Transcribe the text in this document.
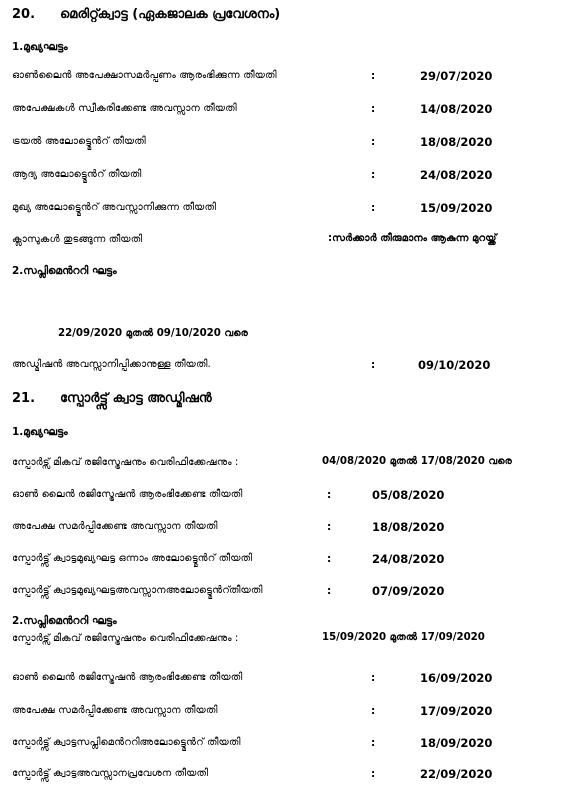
20. മെരിറ്റ്ക്വാട്ട (ഏകജാലക പ്രവേശനം)
1.മുഖ്യഘട്ടം
ഓൺലൈൻ അപേക്ഷാസമർപ്പണം ആരംഭിക്കുന്ന തീയതി	:	29/07/2020
അപേക്ഷകൾ സ്വീകരിക്കേണ്ട അവസ്സാന തീയതി	:	14/08/2020
ട്രയൽ അലോട്ട്മെൻറ് തീയതി	:	18/08/2020
ആദ്യ അലോട്ട്മെൻറ് തീയതി	:	24/08/2020
മുഖ്യ അലോട്ട്മെൻറ് അവസ്സാനിക്കുന്ന തീയതി	:	15/09/2020
ക്ലാസുകൾ തുടങ്ങുന്ന തീയതി	:സർക്കാർ തീരുമാനം ആകുന്ന മുറയ്ക്ക്
2.സപ്ലിമെൻററി ഘട്ടം
22/09/2020 മുതൽ 09/10/2020 വരെ
അഡ്മിഷൻ അവസ്സാനിപ്പിക്കാനുള്ള തീയതി.	:	09/10/2020
21. സ്പോർട്ട്സ് ക്വാട്ട അഡ്മിഷൻ
1.മുഖ്യഘട്ടം
സ്പോർട്സ് മികവ് രജിസ്ട്രേഷനും വെരിഫിക്കേഷനും :	04/08/2020 മുതൽ 17/08/2020 വരെ
ഓൺ ലൈൻ രജിസ്ട്രേഷൻ ആരംഭിക്കേണ്ട തീയതി	:	05/08/2020
അപേക്ഷ സമർപ്പിക്കേണ്ട അവസ്സാന തീയതി	:	18/08/2020
സ്പോർട്ട്സ് ക്വാട്ടമുഖ്യഘട്ട ഒന്നാം അലോട്ട്മെൻറ് തീയതി	:	24/08/2020
സ്പോർട്ട്സ് ക്വാട്ടമുഖ്യഘട്ടഅവസ്സാനഅലോട്ട്മെൻറ്തീയതി	:	07/09/2020
2.സപ്ലിമെൻററി ഘട്ടം
സ്പോർട്സ് മികവ് രജിസ്ട്രേഷനും വെരിഫിക്കേഷനും :	15/09/2020 മുതൽ 17/09/2020
ഓൺ ലൈൻ രജിസ്ട്രേഷൻ ആരംഭിക്കേണ്ട തീയതി	:	16/09/2020
അപേക്ഷ സമർപ്പിക്കേണ്ട അവസ്സാന തീയതി	:	17/09/2020
സ്പോർട്ട്സ് ക്വാട്ടസപ്ലിമെൻററിഅലോട്ട്മെൻറ് തീയതി	:	18/09/2020
സ്പോർട്ട്സ് ക്വാട്ടഅവസ്സാനപ്രവേശന തീയതി	:	22/09/2020
